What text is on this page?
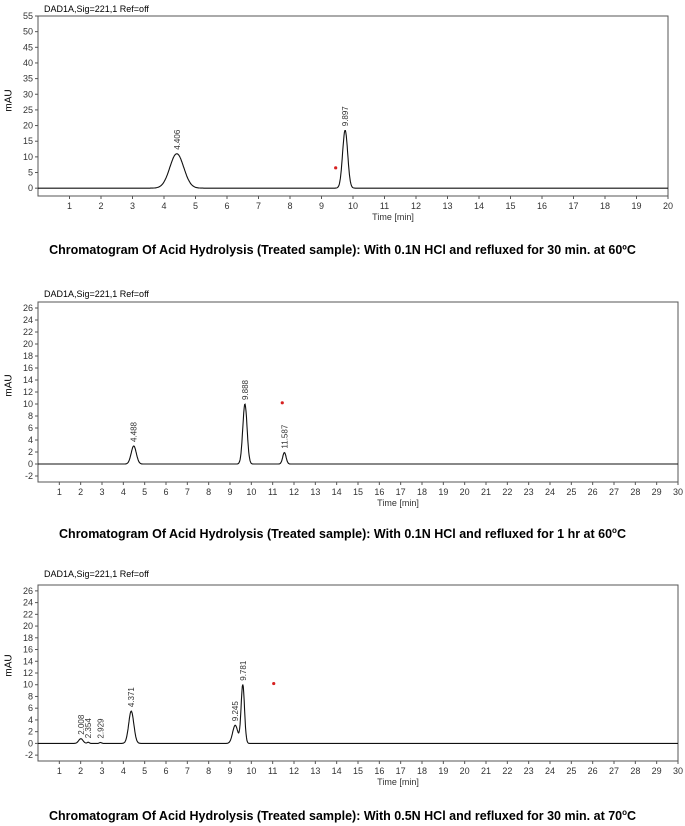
DAD1A,Sig=221,1 Ref=off
mAU
0
5
10
15
20
25
30
35
40
45
50
55
1	2	3	4	5	6	7	8	9	10 11 12 13 14 15 16 17 18 19 20
Time [min]
4.406
9.897
Chromatogram Of Acid Hydrolysis (Treated sample): With 0.1N HCl and refluxed for 30 min. at 60ºC
DAD1A,Sig=221,1 Ref=off
mAU
-2
0
2
4
6
8
10
12
14
16
18
20
22
24
26
1 2 3 4 5 6 7 8 9 10 11 12 13 14 15 16 17 18 19 20 21 22 23 24 25 26 27 28 29 30
Time [min]
4.488
9.888
11.587
Chromatogram Of Acid Hydrolysis (Treated sample): With 0.1N HCl and refluxed for 1 hr at 60$^o$C
DAD1A,Sig=221,1 Ref=off
mAU
-2
0
2
4
6
8
10
12
14
16
18
20
22
24
26
1 2 3 4 5 6 7 8 9 10 11 12 13 14 15 16 17 18 19 20 21 22 23 24 25 26 27 28 29 30
Time [min]
2.008
2.354 2.929
4.371
9.245
9.781
Chromatogram Of Acid Hydrolysis (Treated sample): With 0.5N HCl and refluxed for 30 min. at 70$^o$C
